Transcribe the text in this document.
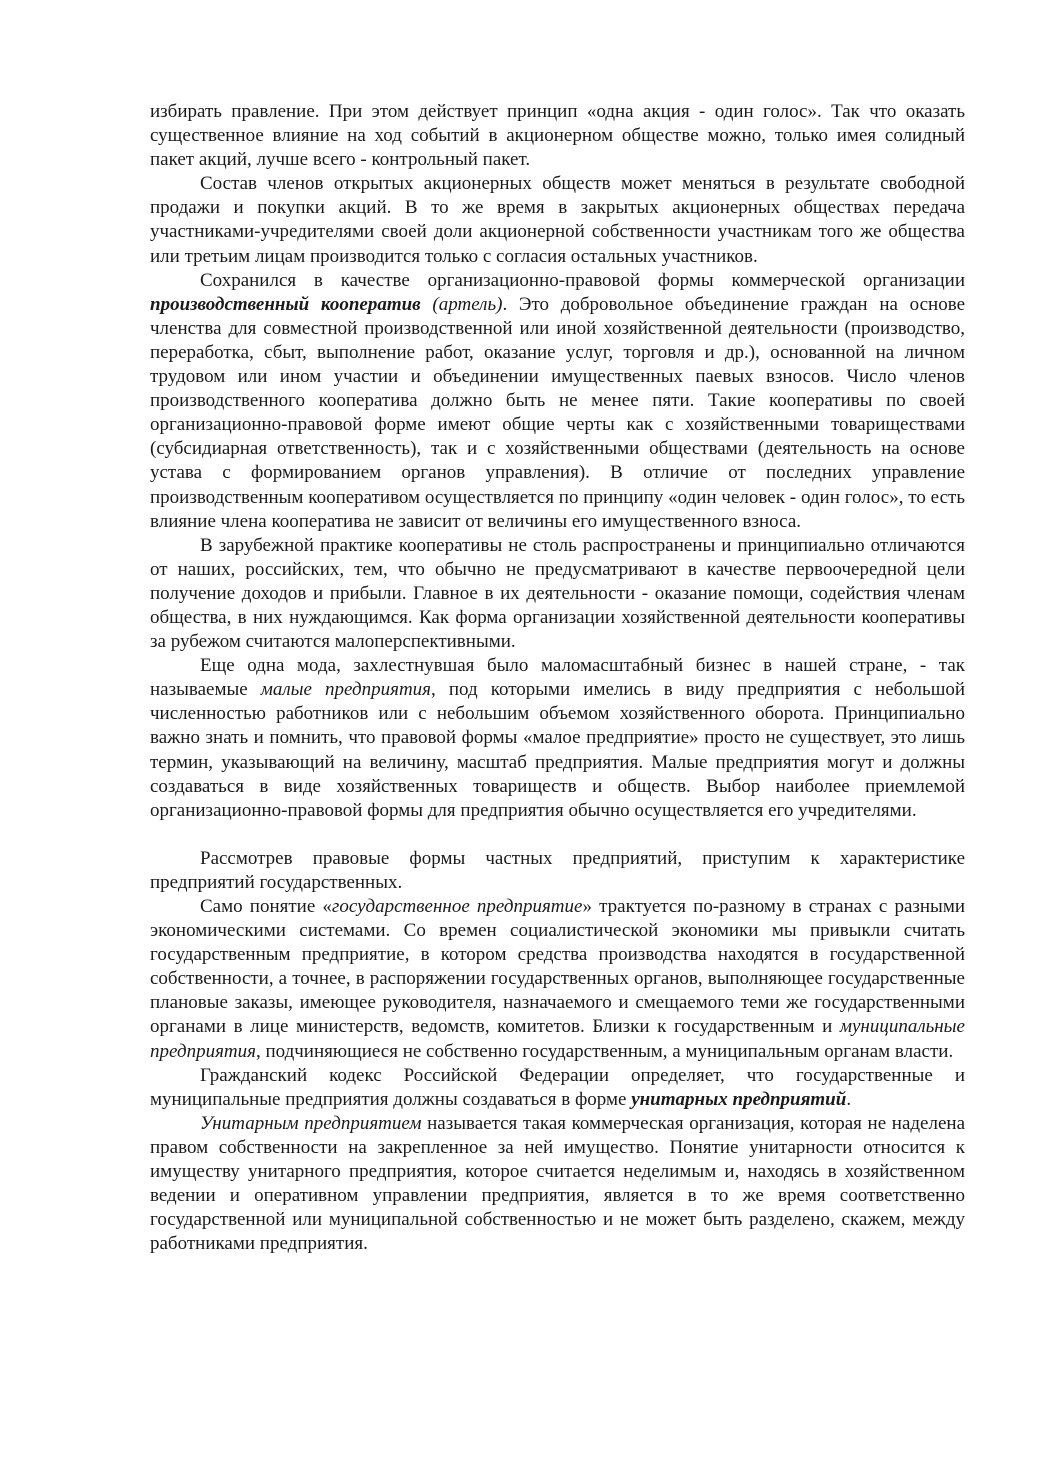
избирать правление. При этом действует принцип «одна акция - один голос». Так что оказать существенное влияние на ход событий в акционерном обществе можно, только имея солидный пакет акций, лучше всего - контрольный пакет.

Состав членов открытых акционерных обществ может меняться в результате свободной продажи и покупки акций. В то же время в закрытых акционерных обществах передача участниками-учредителями своей доли акционерной собственности участникам того же общества или третьим лицам производится только с согласия остальных участников.

Сохранился в качестве организационно-правовой формы коммерческой организации производственный кооператив (артель). Это добровольное объединение граждан на основе членства для совместной производственной или иной хозяйственной деятельности (производство, переработка, сбыт, выполнение работ, оказание услуг, торговля и др.), основанной на личном трудовом или ином участии и объединении имущественных паевых взносов. Число членов производственного кооператива должно быть не менее пяти. Такие кооперативы по своей организационно-правовой форме имеют общие черты как с хозяйственными товариществами (субсидиарная ответственность), так и с хозяйственными обществами (деятельность на основе устава с формированием органов управления). В отличие от последних управление производственным кооперативом осуществляется по принципу «один человек - один голос», то есть влияние члена кооператива не зависит от величины его имущественного взноса.

В зарубежной практике кооперативы не столь распространены и принципиально отличаются от наших, российских, тем, что обычно не предусматривают в качестве первоочередной цели получение доходов и прибыли. Главное в их деятельности - оказание помощи, содействия членам общества, в них нуждающимся. Как форма организации хозяйственной деятельности кооперативы за рубежом считаются малоперспективными.

Еще одна мода, захлестнувшая было маломасштабный бизнес в нашей стране, - так называемые малые предприятия, под которыми имелись в виду предприятия с небольшой численностью работников или с небольшим объемом хозяйственного оборота. Принципиально важно знать и помнить, что правовой формы «малое предприятие» просто не существует, это лишь термин, указывающий на величину, масштаб предприятия. Малые предприятия могут и должны создаваться в виде хозяйственных товариществ и обществ. Выбор наиболее приемлемой организационно-правовой формы для предприятия обычно осуществляется его учредителями.

Рассмотрев правовые формы частных предприятий, приступим к характеристике предприятий государственных.

Само понятие «государственное предприятие» трактуется по-разному в странах с разными экономическими системами. Со времен социалистической экономики мы привыкли считать государственным предприятие, в котором средства производства находятся в государственной собственности, а точнее, в распоряжении государственных органов, выполняющее государственные плановые заказы, имеющее руководителя, назначаемого и смещаемого теми же государственными органами в лице министерств, ведомств, комитетов. Близки к государственным и муниципальные предприятия, подчиняющиеся не собственно государственным, а муниципальным органам власти.

Гражданский кодекс Российской Федерации определяет, что государственные и муниципальные предприятия должны создаваться в форме унитарных предприятий.

Унитарным предприятием называется такая коммерческая организация, которая не наделена правом собственности на закрепленное за ней имущество. Понятие унитарности относится к имуществу унитарного предприятия, которое считается неделимым и, находясь в хозяйственном ведении и оперативном управлении предприятия, является в то же время соответственно государственной или муниципальной собственностью и не может быть разделено, скажем, между работниками предприятия.
